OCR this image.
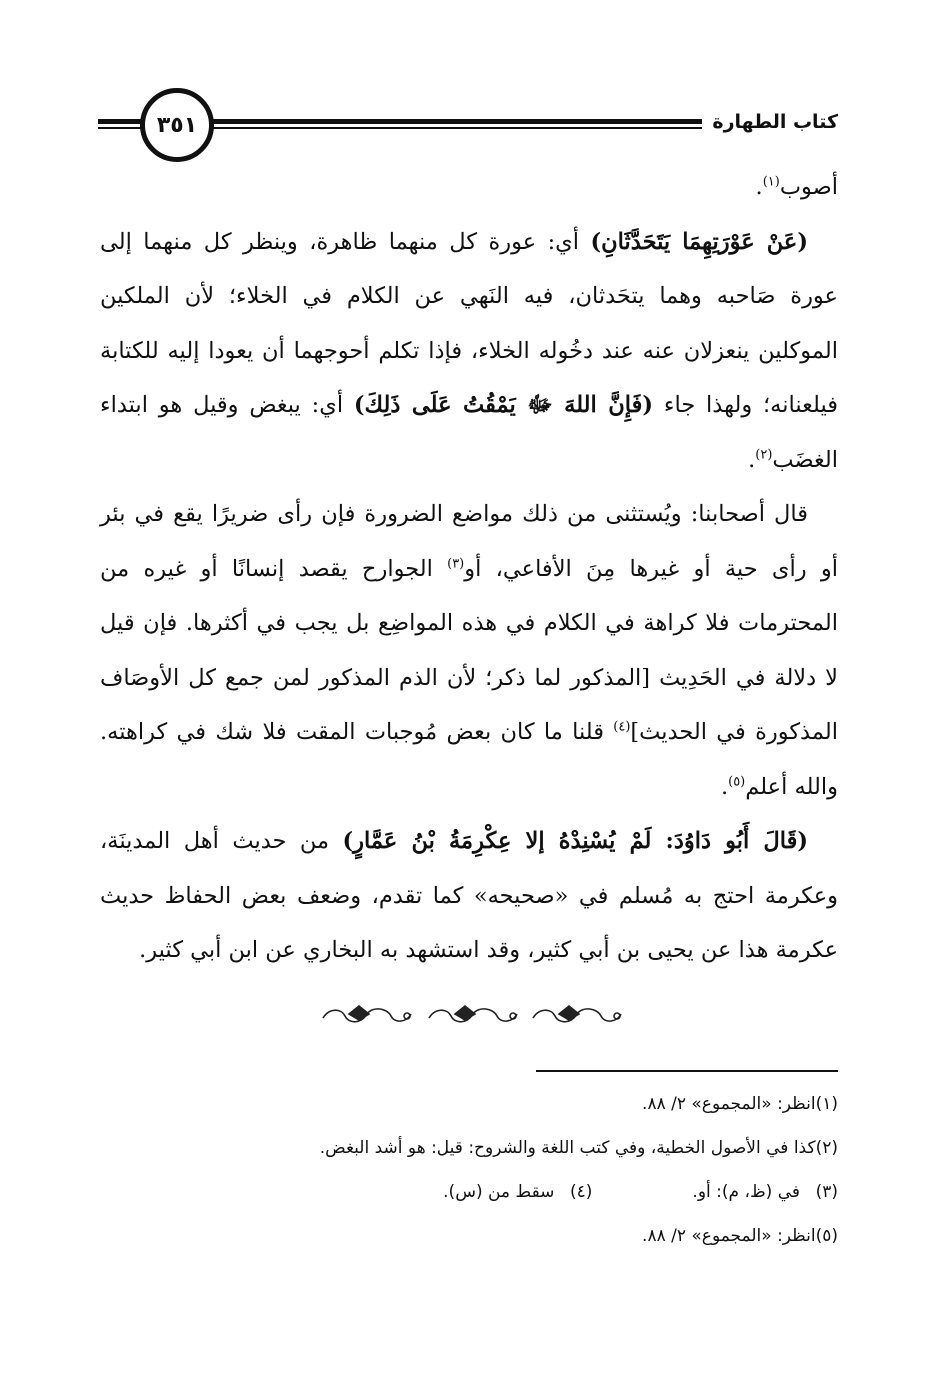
كتاب الطهارة
٣٥١

أصوب$^{(١)}$.

(عَنْ عَوْرَتِهِمَا يَتَحَدَّثَانِ) أي: عورة كل منهما ظاهرة، وينظر كل منهما إلى عورة صَاحبه وهما يتحَدثان، فيه النَهي عن الكلام في الخلاء؛ لأن الملكين الموكلين ينعزلان عنه عند دخُوله الخلاء، فإذا تكلم أحوجهما أن يعودا إليه للكتابة فيلعنانه؛ ولهذا جاء (فَإِنَّ اللهَ ﷻ يَمْقُتُ عَلَى ذَلِكَ) أي: يبغض وقيل هو ابتداء الغضَب$^{(٢)}$.

قال أصحابنا: ويُستثنى من ذلك مواضع الضرورة فإن رأى ضريرًا يقع في بئر أو رأى حية أو غيرها مِنَ الأفاعي، أو$^{(٣)}$ الجوارح يقصد إنسانًا أو غيره من المحترمات فلا كراهة في الكلام في هذه المواضِع بل يجب في أكثرها. فإن قيل لا دلالة في الحَدِيث [المذكور لما ذكر؛ لأن الذم المذكور لمن جمع كل الأوصَاف المذكورة في الحديث]$^{(٤)}$ قلنا ما كان بعض مُوجبات المقت فلا شك في كراهته. والله أعلم$^{(٥)}$.

(قَالَ أَبُو دَاوُدَ: لَمْ يُسْنِدْهُ إلا عِكْرِمَةُ بْنُ عَمَّارٍ) من حديث أهل المدينَة، وعكرمة احتج به مُسلم في «صحيحه» كما تقدم، وضعف بعض الحفاظ حديث عكرمة هذا عن يحيى بن أبي كثير، وقد استشهد به البخاري عن ابن أبي كثير.

(١)انظر: «المجموع» ٢/ ٨٨.
(٢)كذا في الأصول الخطية، وفي كتب اللغة والشروح: قيل: هو أشد البغض.
(٣)
في (ظ، م): أو.
(٤)
سقط من (س).
(٥)انظر: «المجموع» ٢/ ٨٨.
